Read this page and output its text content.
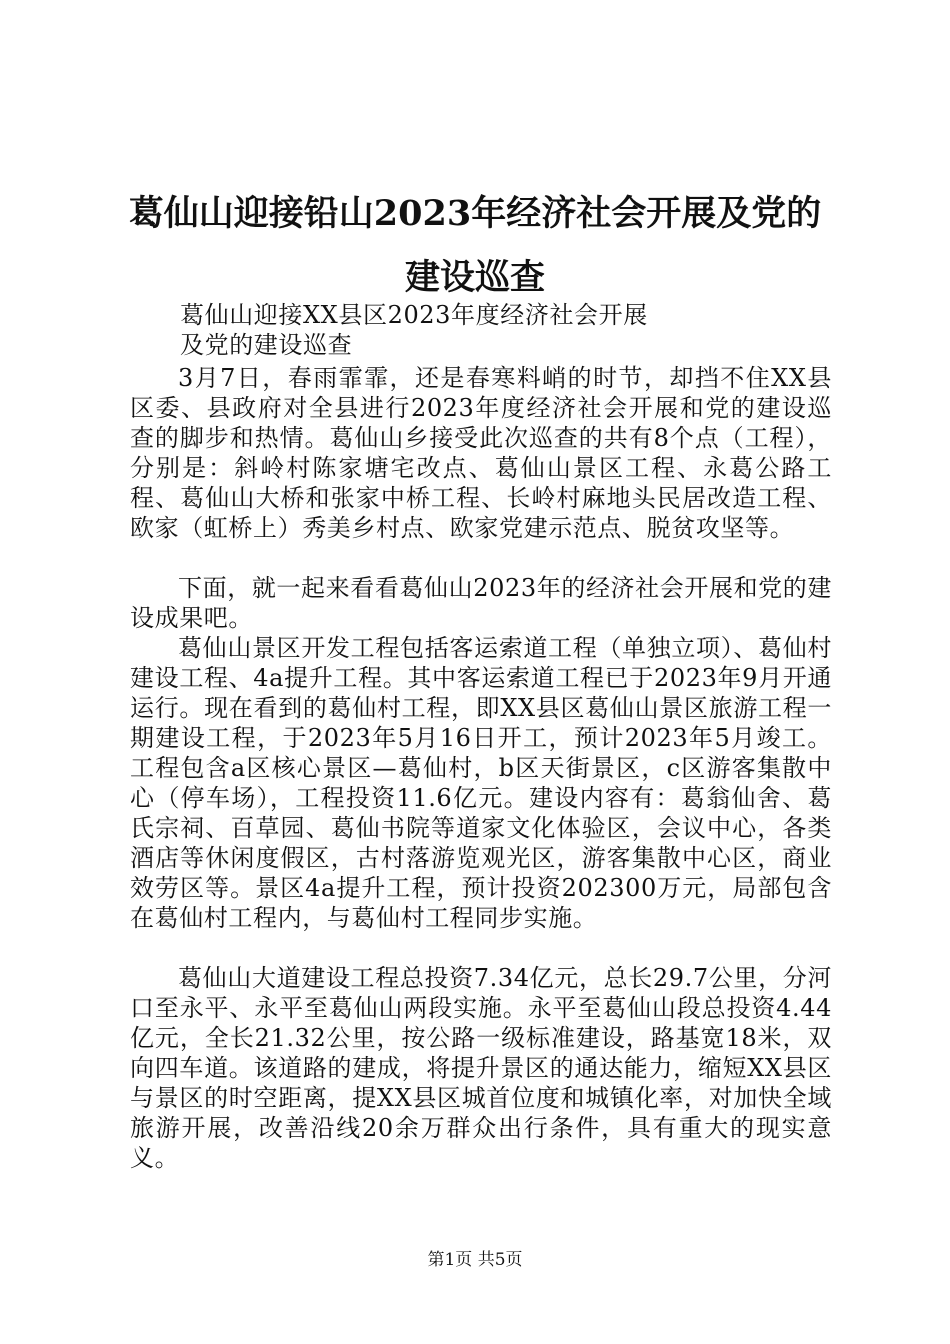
葛仙山迎接铅山2023年经济社会开展及党的
建设巡查

葛仙山迎接XX县区2023年度经济社会开展

及党的建设巡查

3月7日，春雨霏霏，还是春寒料峭的时节，却挡不住XX县区委、县政府对全县进行2023年度经济社会开展和党的建设巡查的脚步和热情。葛仙山乡接受此次巡查的共有8个点（工程），分别是：斜岭村陈家塘宅改点、葛仙山景区工程、永葛公路工程、葛仙山大桥和张家中桥工程、长岭村麻地头民居改造工程、欧家（虹桥上）秀美乡村点、欧家党建示范点、脱贫攻坚等。

下面，就一起来看看葛仙山2023年的经济社会开展和党的建设成果吧。

葛仙山景区开发工程包括客运索道工程（单独立项）、葛仙村建设工程、4a提升工程。其中客运索道工程已于2023年9月开通运行。现在看到的葛仙村工程，即XX县区葛仙山景区旅游工程一期建设工程，于2023年5月16日开工，预计2023年5月竣工。工程包含a区核心景区—葛仙村，b区天街景区，c区游客集散中心（停车场），工程投资11.6亿元。建设内容有：葛翁仙舍、葛氏宗祠、百草园、葛仙书院等道家文化体验区，会议中心，各类酒店等休闲度假区，古村落游览观光区，游客集散中心区，商业效劳区等。景区4a提升工程，预计投资202300万元，局部包含在葛仙村工程内，与葛仙村工程同步实施。

葛仙山大道建设工程总投资7.34亿元，总长29.7公里，分河口至永平、永平至葛仙山两段实施。永平至葛仙山段总投资4.44亿元，全长21.32公里，按公路一级标准建设，路基宽18米，双向四车道。该道路的建成，将提升景区的通达能力，缩短XX县区与景区的时空距离，提XX县区城首位度和城镇化率，对加快全域旅游开展，改善沿线20余万群众出行条件，具有重大的现实意义。

第1页 共5页
